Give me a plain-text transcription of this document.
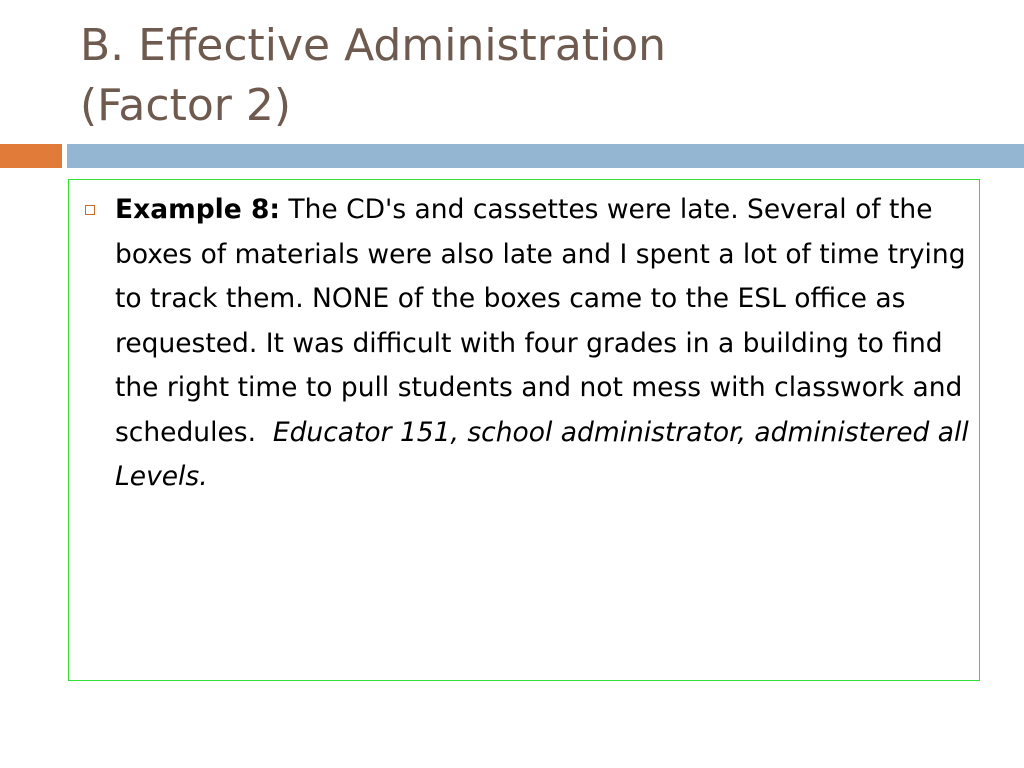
B. Effective Administration
(Factor 2)

Example 8: The CD's and cassettes were late. Several of the boxes of materials were also late and I spent a lot of time trying to track them. NONE of the boxes came to the ESL office as requested. It was difficult with four grades in a building to find the right time to pull students and not mess with classwork and schedules. Educator 151, school administrator, administered all Levels.
